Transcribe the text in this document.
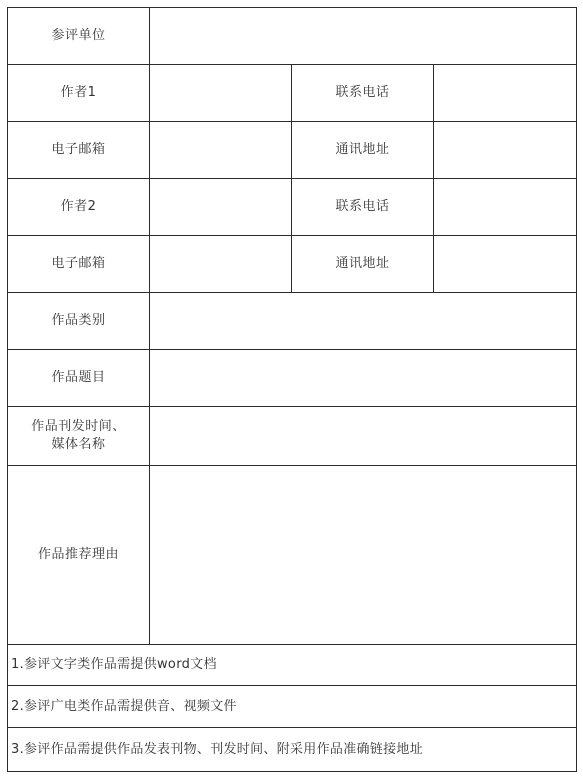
参评单位			
作者1		联系电话	
电子邮箱		通讯地址	
作者2		联系电话	
电子邮箱		通讯地址	
作品类别			
作品题目			

作品刊发时间、
媒体名称			

作品推荐理由			
1.参评文字类作品需提供word文档			
2.参评广电类作品需提供音、视频文件			
3.参评作品需提供作品发表刊物、刊发时间、附采用作品准确链接地址			
